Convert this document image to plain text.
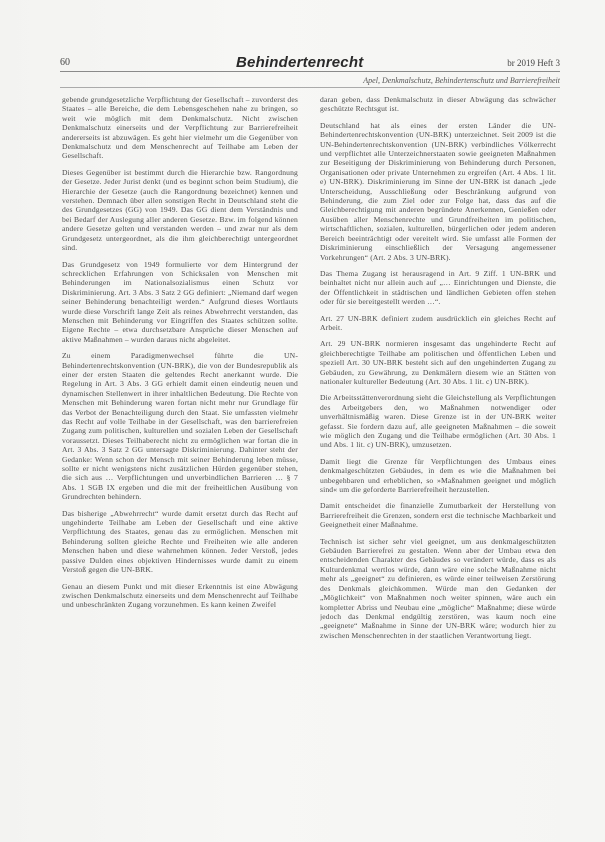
60	Behindertenrecht	br 2019 Heft 3
Apel, Denkmalschutz, Behindertenschutz und Barrierefreiheit

gebende grundgesetzliche Verpflichtung der Gesellschaft – zuvorderst des Staates – alle Bereiche, die dem Lebensgeschehen nahe zu bringen, so weit wie möglich mit dem Denkmalschutz. Nicht zwischen Denkmalschutz einerseits und der Verpflichtung zur Barrierefreiheit andererseits ist abzuwägen. Es geht hier vielmehr um die Gegenüber von Denkmalschutz und dem Menschenrecht auf Teilhabe am Leben der Gesellschaft.

Dieses Gegenüber ist bestimmt durch die Hierarchie bzw. Rangordnung der Gesetze. Jeder Jurist denkt (und es beginnt schon beim Studium), die Hierarchie der Gesetze (auch die Rangordnung bezeichnet) kennen und verstehen. Demnach über allen sonstigen Recht in Deutschland steht die des Grundgesetzes (GG) von 1949. Das GG dient dem Verständnis und bei Bedarf der Auslegung aller anderen Gesetze. Bzw. im folgend können andere Gesetze gelten und verstanden werden – und zwar nur als dem Grundgesetz untergeordnet, als die ihm gleichberechtigt untergeordnet sind.

Das Grundgesetz von 1949 formulierte vor dem Hintergrund der schrecklichen Erfahrungen von Schicksalen von Menschen mit Behinderungen im Nationalsozialismus einen Schutz vor Diskriminierung. Art. 3 Abs. 3 Satz 2 GG definiert: „Niemand darf wegen seiner Behinderung benachteiligt werden.“ Aufgrund dieses Wortlauts wurde diese Vorschrift lange Zeit als reines Abwehrrecht verstanden, das Menschen mit Behinderung vor Eingriffen des Staates schützen sollte. Eigene Rechte – etwa durchsetzbare Ansprüche dieser Menschen auf aktive Maßnahmen – wurden daraus nicht abgeleitet.

Zu einem Paradigmenwechsel führte die UN-Behindertenrechtskonvention (UN-BRK), die von der Bundesrepublik als einer der ersten Staaten die geltendes Recht anerkannt wurde. Die Regelung in Art. 3 Abs. 3 GG erhielt damit einen eindeutig neuen und dynamischen Stellenwert in ihrer inhaltlichen Bedeutung. Die Rechte von Menschen mit Behinderung waren fortan nicht mehr nur Grundlage für das Verbot der Benachteiligung durch den Staat. Sie umfassten vielmehr das Recht auf volle Teilhabe in der Gesellschaft, was den barrierefreien Zugang zum politischen, kulturellen und sozialen Leben der Gesellschaft voraussetzt. Dieses Teilhaberecht nicht zu ermöglichen war fortan die in Art. 3 Abs. 3 Satz 2 GG untersagte Diskriminierung. Dahinter steht der Gedanke: Wenn schon der Mensch mit seiner Behinderung leben müsse, sollte er nicht wenigstens nicht zusätzlichen Hürden gegenüber stehen, die sich aus … Verpflichtungen und unverbindlichen Barrieren … § 7 Abs. 1 SGB IX ergeben und die mit der freiheitlichen Ausübung von Grundrechten behindern.

Das bisherige „Abwehrrecht“ wurde damit ersetzt durch das Recht auf ungehinderte Teilhabe am Leben der Gesellschaft und eine aktive Verpflichtung des Staates, genau das zu ermöglichen. Menschen mit Behinderung sollten gleiche Rechte und Freiheiten wie alle anderen Menschen haben und diese wahrnehmen können. Jeder Verstoß, jedes passive Dulden eines objektiven Hindernisses wurde damit zu einem Verstoß gegen die UN-BRK.

Genau an diesem Punkt und mit dieser Erkenntnis ist eine Abwägung zwischen Denkmalschutz einerseits und dem Menschenrecht auf Teilhabe und unbeschränkten Zugang vorzunehmen. Es kann keinen Zweifel

daran geben, dass Denkmalschutz in dieser Abwägung das schwächer geschützte Rechtsgut ist.

Deutschland hat als eines der ersten Länder die UN-Behindertenrechtskonvention (UN-BRK) unterzeichnet. Seit 2009 ist die UN-Behindertenrechtskonvention (UN-BRK) verbindliches Völkerrecht und verpflichtet alle Unterzeichnerstaaten sowie geeigneten Maßnahmen zur Beseitigung der Diskriminierung von Behinderung durch Personen, Organisationen oder private Unternehmen zu ergreifen (Art. 4 Abs. 1 lit. e) UN-BRK). Diskriminierung im Sinne der UN-BRK ist danach „jede Unterscheidung, Ausschließung oder Beschränkung aufgrund von Behinderung, die zum Ziel oder zur Folge hat, dass das auf die Gleichberechtigung mit anderen begründete Anerkennen, Genießen oder Ausüben aller Menschenrechte und Grundfreiheiten im politischen, wirtschaftlichen, sozialen, kulturellen, bürgerlichen oder jedem anderen Bereich beeinträchtigt oder vereitelt wird. Sie umfasst alle Formen der Diskriminierung einschließlich der Versagung angemessener Vorkehrungen“ (Art. 2 Abs. 3 UN-BRK).

Das Thema Zugang ist herausragend in Art. 9 Ziff. 1 UN-BRK und beinhaltet nicht nur allein auch auf „… Einrichtungen und Dienste, die der Öffentlichkeit in städtischen und ländlichen Gebieten offen stehen oder für sie bereitgestellt werden …“.

Art. 27 UN-BRK definiert zudem ausdrücklich ein gleiches Recht auf Arbeit.

Art. 29 UN-BRK normieren insgesamt das ungehinderte Recht auf gleichberechtigte Teilhabe am politischen und öffentlichen Leben und speziell Art. 30 UN-BRK besteht sich auf den ungehinderten Zugang zu Gebäuden, zu Gewährung, zu Denkmälern diesem wie an Stätten von nationaler kultureller Bedeutung (Art. 30 Abs. 1 lit. c) UN-BRK).

Die Arbeitsstättenverordnung sieht die Gleichstellung als Verpflichtungen des Arbeitgebers den, wo Maßnahmen notwendiger oder unverhältnismäßig waren. Diese Grenze ist in der UN-BRK weiter gefasst. Sie fordern dazu auf, alle geeigneten Maßnahmen – die soweit wie möglich den Zugang und die Teilhabe ermöglichen (Art. 30 Abs. 1 und Abs. 1 lit. c) UN-BRK), umzusetzen.

Damit liegt die Grenze für Verpflichtungen des Umbaus eines denkmalgeschützten Gebäudes, in dem es wie die Maßnahmen bei unbegehbaren und erheblichen, so »Maßnahmen geeignet und möglich sind« um die geforderte Barrierefreiheit herzustellen.

Damit entscheidet die finanzielle Zumutbarkeit der Herstellung von Barrierefreiheit die Grenzen, sondern erst die technische Machbarkeit und Geeignetheit einer Maßnahme.

Technisch ist sicher sehr viel geeignet, um aus denkmalgeschützten Gebäuden Barrierefrei zu gestalten. Wenn aber der Umbau etwa den entscheidenden Charakter des Gebäudes so verändert würde, dass es als Kulturdenkmal wertlos würde, dann wäre eine solche Maßnahme nicht mehr als „geeignet“ zu definieren, es würde einer teilweisen Zerstörung des Denkmals gleichkommen. Würde man den Gedanken der „Möglichkeit“ von Maßnahmen noch weiter spinnen, wäre auch ein kompletter Abriss und Neubau eine „mögliche“ Maßnahme; diese würde jedoch das Denkmal endgültig zerstören, was kaum noch eine „geeignete“ Maßnahme in Sinne der UN-BRK wäre; wodurch hier zu zwischen Menschenrechten in der staatlichen Verantwortung liegt.
